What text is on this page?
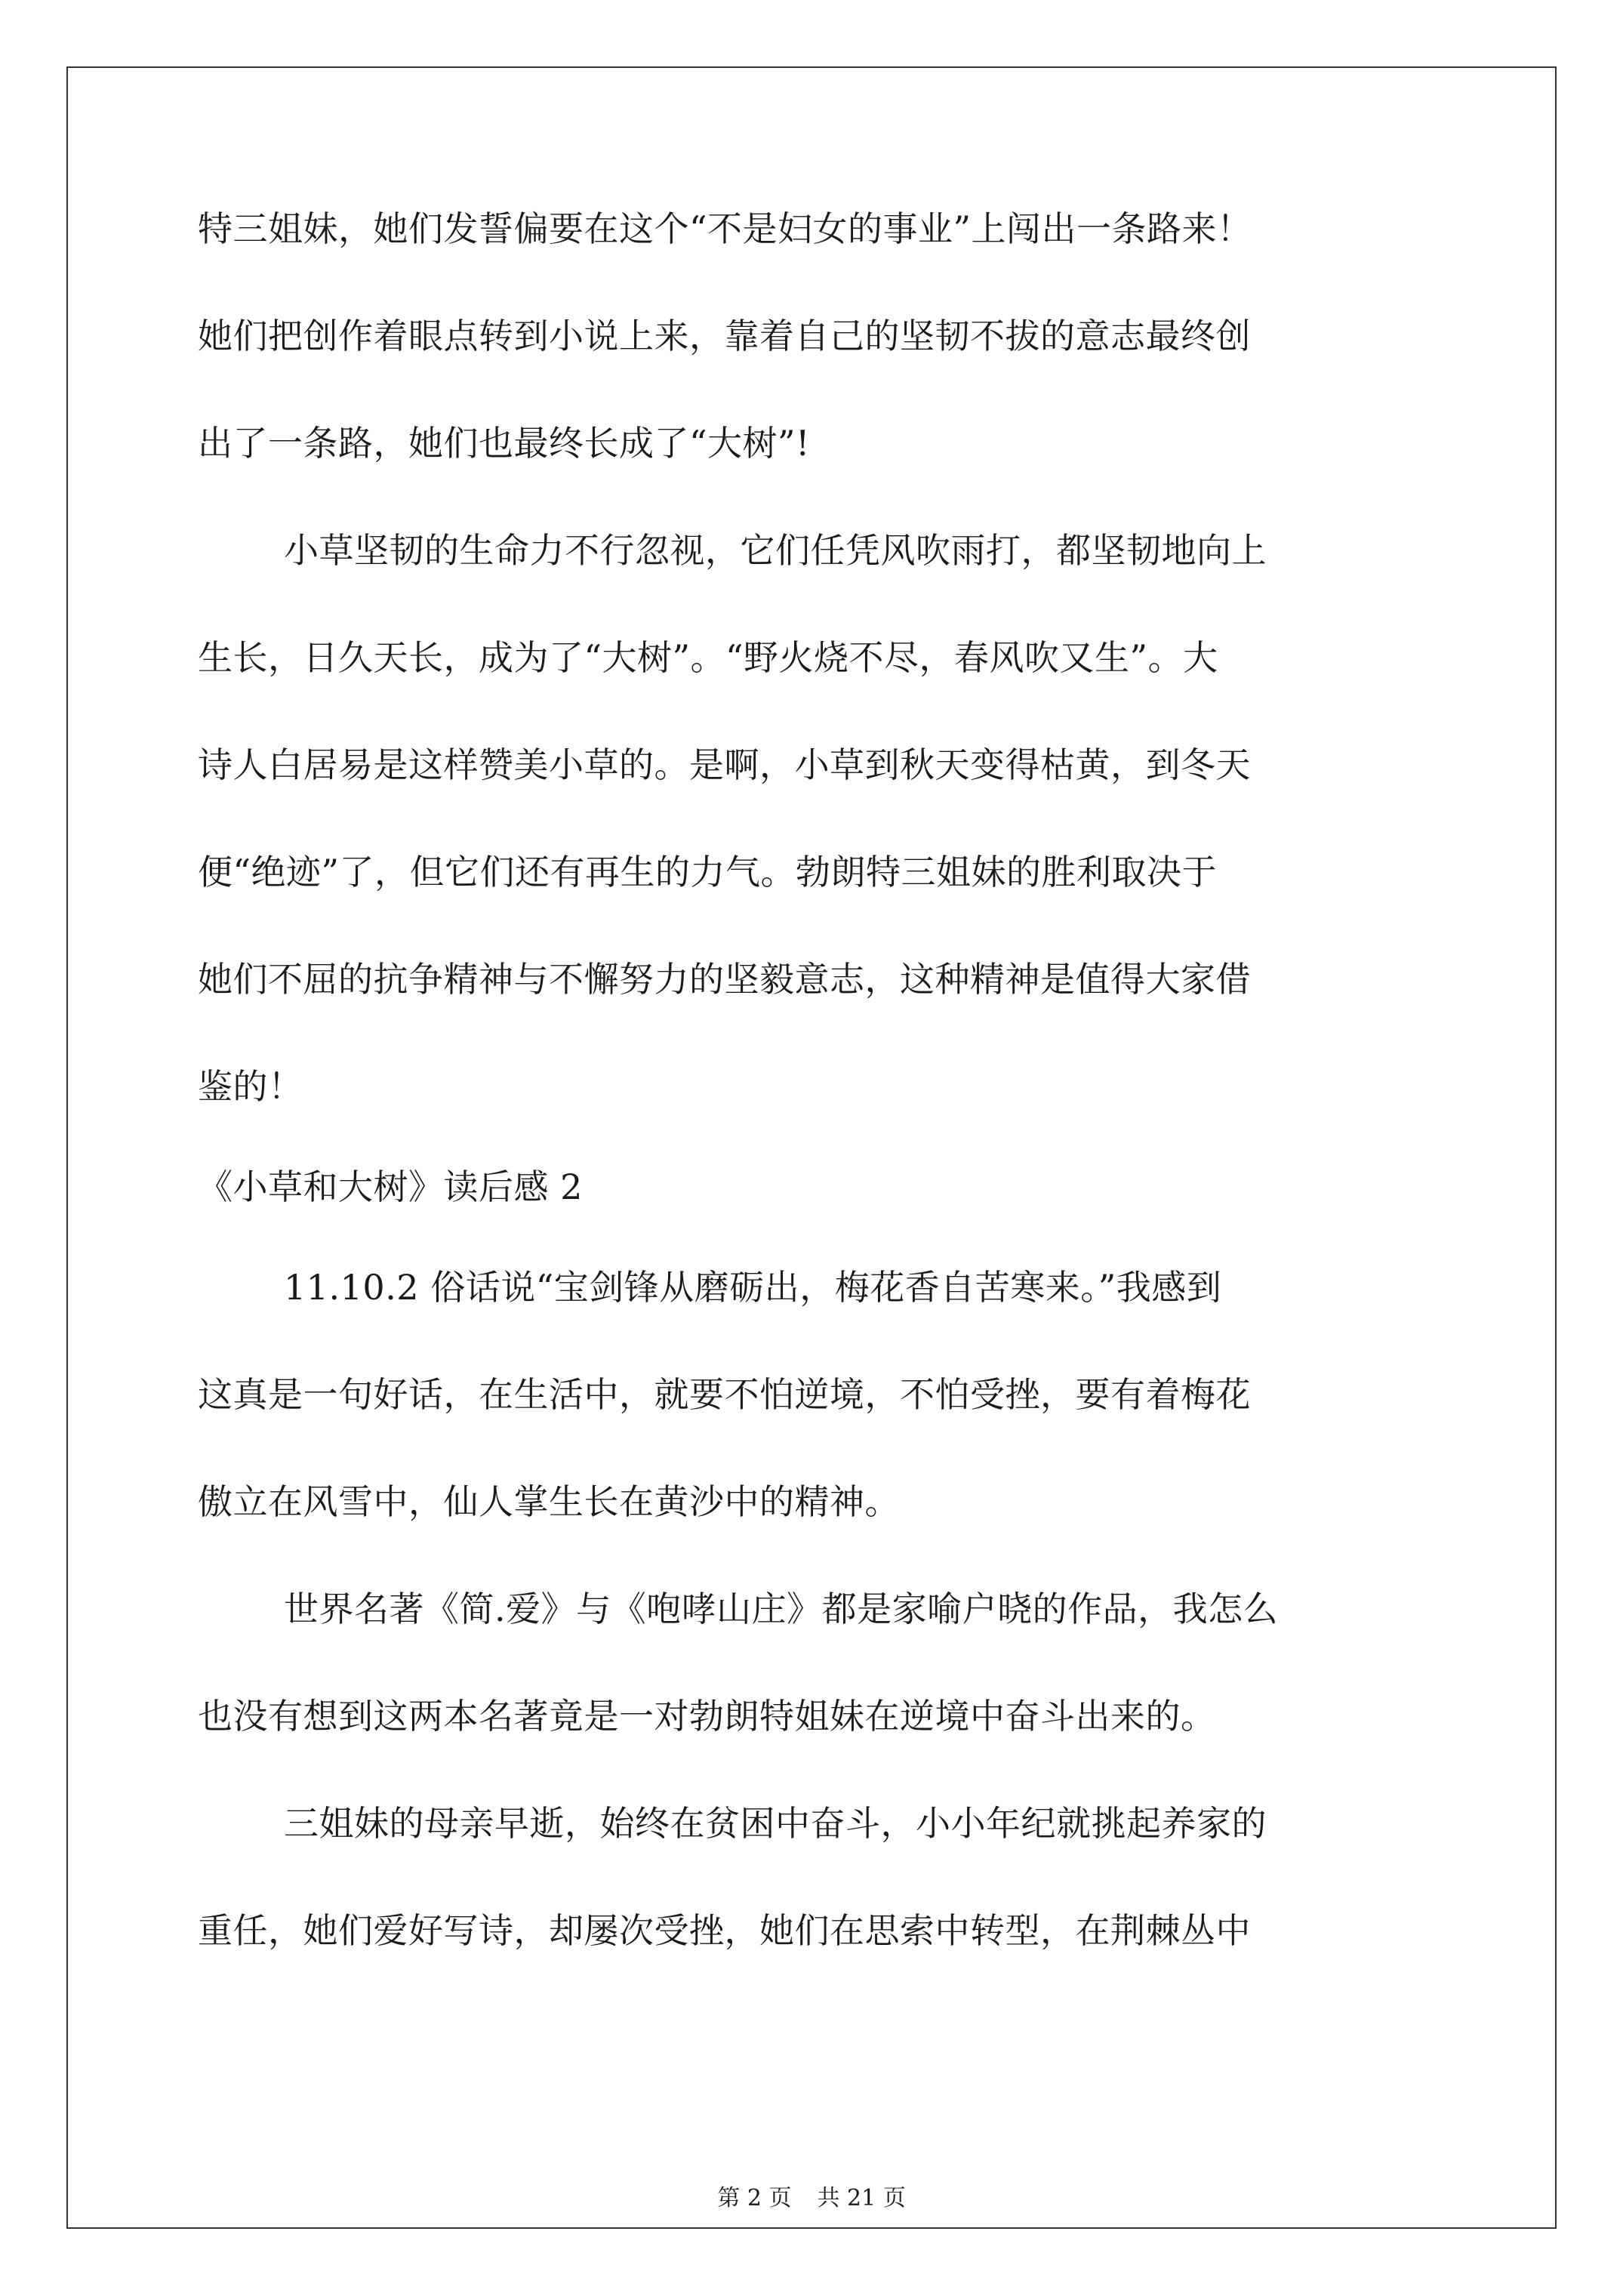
特三姐妹，她们发誓偏要在这个“不是妇女的事业”上闯出一条路来！
她们把创作着眼点转到小说上来，靠着自己的坚韧不拔的意志最终创
出了一条路，她们也最终长成了“大树”!
小草坚韧的生命力不行忽视，它们任凭风吹雨打，都坚韧地向上
生长，日久天长，成为了“大树”。“野火烧不尽，春风吹又生”。大
诗人白居易是这样赞美小草的。是啊，小草到秋天变得枯黄，到冬天
便“绝迹”了，但它们还有再生的力气。勃朗特三姐妹的胜利取决于
她们不屈的抗争精神与不懈努力的坚毅意志，这种精神是值得大家借
鉴的！
《小草和大树》读后感 2
11.10.2 俗话说“宝剑锋从磨砺出，梅花香自苦寒来。”我感到
这真是一句好话，在生活中，就要不怕逆境，不怕受挫，要有着梅花
傲立在风雪中，仙人掌生长在黄沙中的精神。
世界名著《简.爱》与《咆哮山庄》都是家喻户晓的作品，我怎么
也没有想到这两本名著竟是一对勃朗特姐妹在逆境中奋斗出来的。
三姐妹的母亲早逝，始终在贫困中奋斗，小小年纪就挑起养家的
重任，她们爱好写诗，却屡次受挫，她们在思索中转型，在荆棘丛中
第 2 页 共 21 页
